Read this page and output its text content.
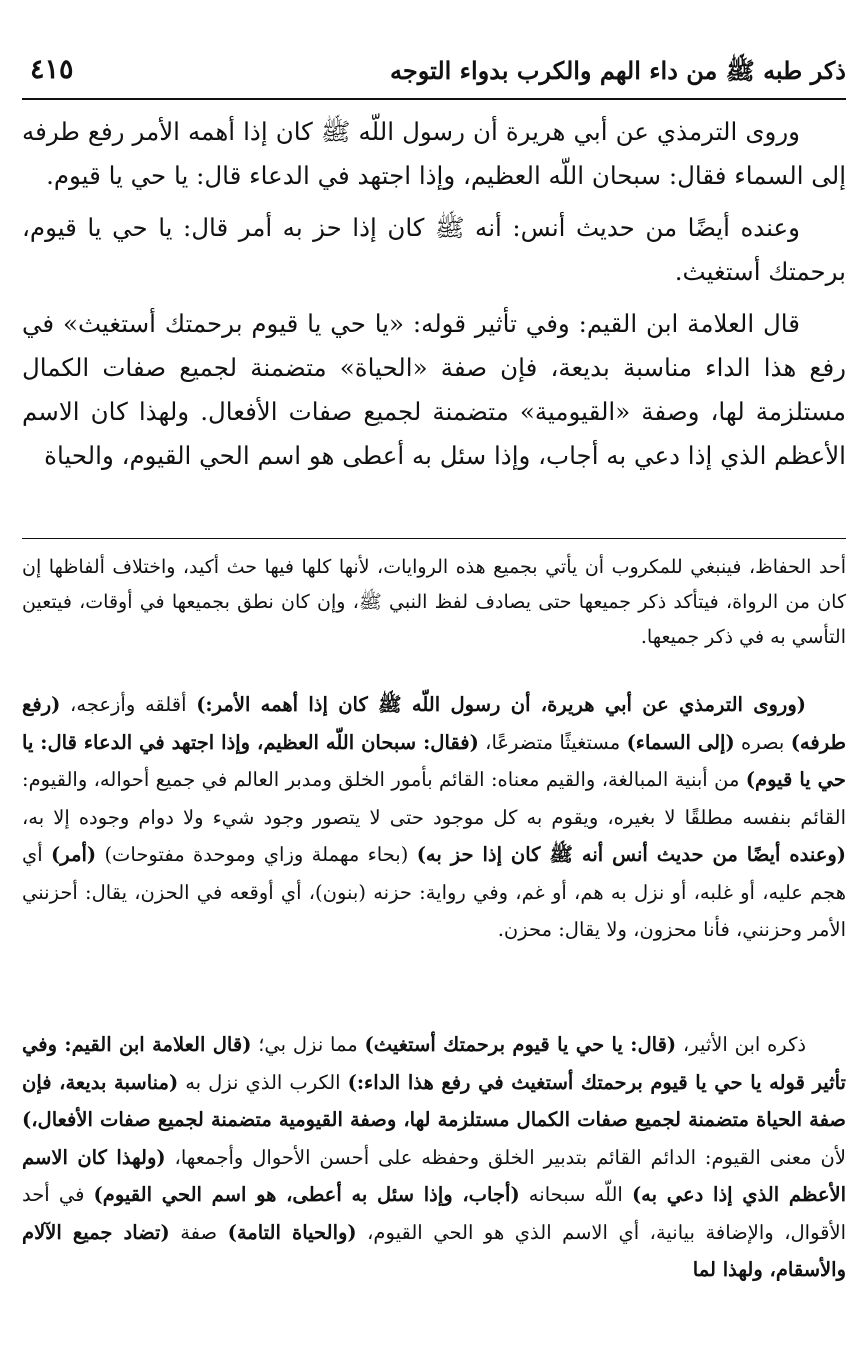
ذكر طبه ﷺ من داء الهم والكرب بدواء التوجه
٤١٥

وروى الترمذي عن أبي هريرة أن رسول اللّه ﷺ كان إذا أهمه الأمر رفع طرفه إلى السماء فقال: سبحان اللّه العظيم، وإذا اجتهد في الدعاء قال: يا حي يا قيوم.

وعنده أيضًا من حديث أنس: أنه ﷺ كان إذا حز به أمر قال: يا حي يا قيوم، برحمتك أستغيث.

قال العلامة ابن القيم: وفي تأثير قوله: «يا حي يا قيوم برحمتك أستغيث» في رفع هذا الداء مناسبة بديعة، فإن صفة «الحياة» متضمنة لجميع صفات الكمال مستلزمة لها، وصفة «القيومية» متضمنة لجميع صفات الأفعال. ولهذا كان الاسم الأعظم الذي إذا دعي به أجاب، وإذا سئل به أعطى هو اسم الحي القيوم، والحياة

أحد الحفاظ، فينبغي للمكروب أن يأتي بجميع هذه الروايات، لأنها كلها فيها حث أكيد، واختلاف ألفاظها إن كان من الرواة، فيتأكد ذكر جميعها حتى يصادف لفظ النبي ﷺ، وإن كان نطق بجميعها في أوقات، فيتعين التأسي به في ذكر جميعها.

(وروى الترمذي عن أبي هريرة، أن رسول اللّه ﷺ كان إذا أهمه الأمر:) أقلقه وأزعجه، (رفع طرفه) بصره (إلى السماء) مستغيثًا متضرعًا، (فقال: سبحان اللّه العظيم، وإذا اجتهد في الدعاء قال: يا حي يا قيوم) من أبنية المبالغة، والقيم معناه: القائم بأمور الخلق ومدبر العالم في جميع أحواله، والقيوم: القائم بنفسه مطلقًا لا بغيره، ويقوم به كل موجود حتى لا يتصور وجود شيء ولا دوام وجوده إلا به، (وعنده أيضًا من حديث أنس أنه ﷺ كان إذا حز به) (بحاء مهملة وزاي وموحدة مفتوحات) (أمر) أي هجم عليه، أو غلبه، أو نزل به هم، أو غم، وفي رواية: حزنه (بنون)، أي أوقعه في الحزن، يقال: أحزنني الأمر وحزنني، فأنا محزون، ولا يقال: محزن.

ذكره ابن الأثير، (قال: يا حي يا قيوم برحمتك أستغيث) مما نزل بي؛ (قال العلامة ابن القيم: وفي تأثير قوله يا حي يا قيوم برحمتك أستغيث في رفع هذا الداء:) الكرب الذي نزل به (مناسبة بديعة، فإن صفة الحياة متضمنة لجميع صفات الكمال مستلزمة لها، وصفة القيومية متضمنة لجميع صفات الأفعال،) لأن معنى القيوم: الدائم القائم بتدبير الخلق وحفظه على أحسن الأحوال وأجمعها، (ولهذا كان الاسم الأعظم الذي إذا دعي به) اللّه سبحانه (أجاب، وإذا سئل به أعطى، هو اسم الحي القيوم) في أحد الأقوال، والإضافة بيانية، أي الاسم الذي هو الحي القيوم، (والحياة التامة) صفة (تضاد جميع الآلام والأسقام، ولهذا لما
